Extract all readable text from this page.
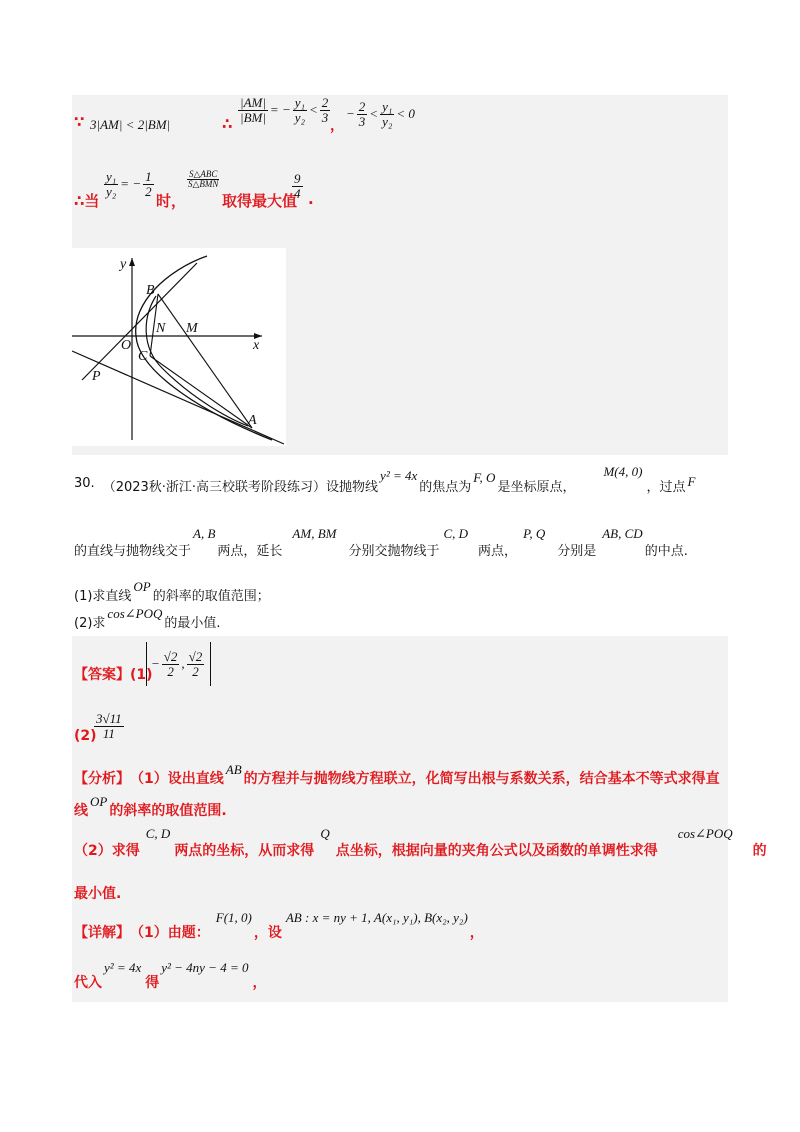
∵ 3|AM| < 2|BM|	∴ $\frac{|AM|}{|BM|}$ = − $\frac{\text{y₁}}{\text{y₂}} < \frac{2}{3}$
，
− $\frac{2}{3} < \frac{\text{y₁}}{\text{y₂}} < 0$
∴当
$\frac{\text{y₁}}{\text{y₂}}$ = − $\frac{1}{2}$
时，
$\frac{\text{S△ABC}}{\text{S△BMN}}$
取得最大值
$\frac{9}{4}$ .
y
B
N M
O	x
C
P
A
30. （2023秋·浙江·高三校联考阶段练习）设抛物线
y² = 4x
的焦点为
F, O
是坐标原点，
M(4, 0)
，过点 F
的直线与抛物线交于
A, B
两点，延长
AM, BM
分别交抛物线于
C, D
两点，
P, Q
分别是
AB, CD
的中点.
(1)求直线
OP
的斜率的取值范围；
(2)求
cos∠POQ
的最小值.
【答案】(1)
− $\frac{√2}{2}$ , $\frac{√2}{2}$
(2)
$\frac{3√11}{11}$
【分析】 （1）设出直线
AB
的方程并与抛物线方程联立，化简写出根与系数关系，结合基本不等式求得直
线
OP
的斜率的取值范围.
（2）求得
C, D
两点的坐标，从而求得
Q
点坐标，根据向量的夹角公式以及函数的单调性求得
cos∠POQ
的
最小值.
【详解】 （1）由题：
F(1, 0)
，设
AB : x = ny + 1, A(x₁, y₁), B(x₂, y₂)
，
代入
y² = 4x
得
y² − 4ny − 4 = 0
，
